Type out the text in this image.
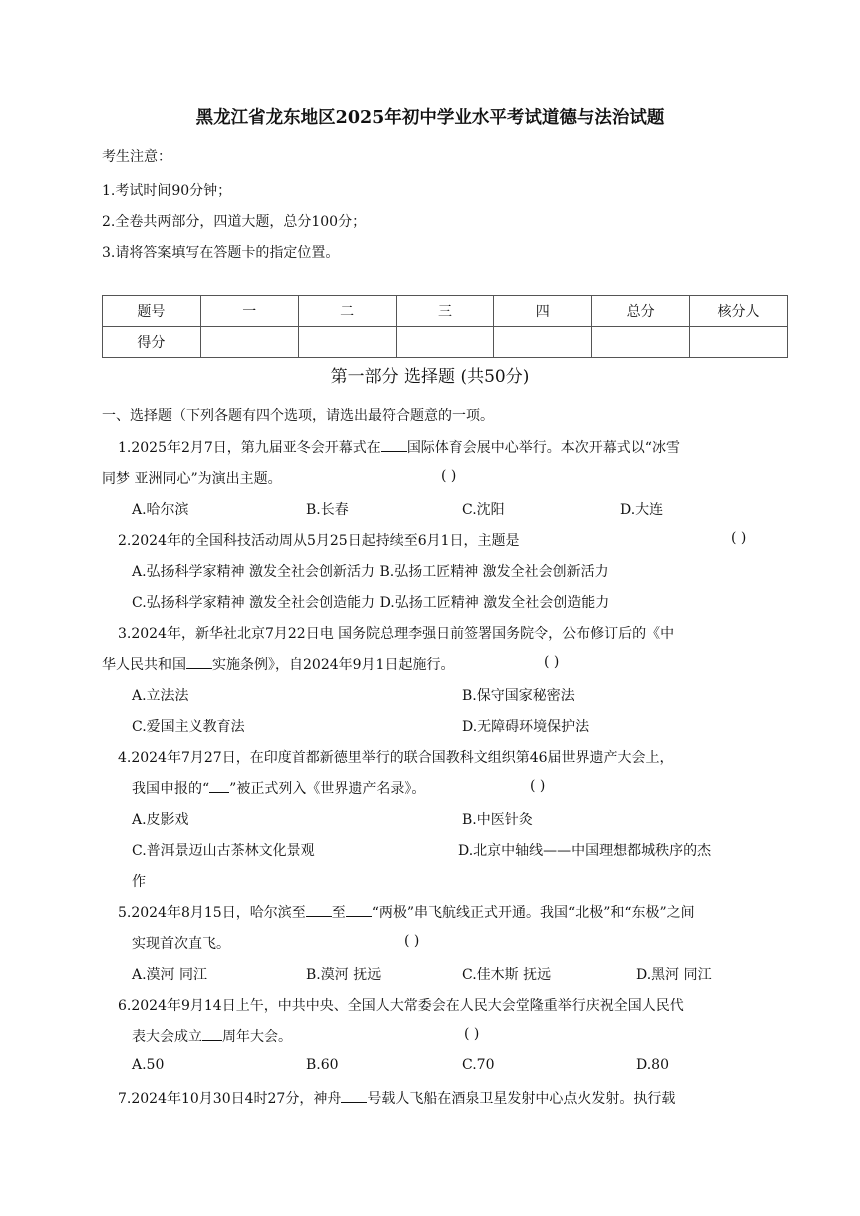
黑龙江省龙东地区2025年初中学业水平考试道德与法治试题
考生注意：
1.考试时间90分钟；
2.全卷共两部分，四道大题，总分100分；
3.请将答案填写在答题卡的指定位置。
题号	一	二	三	四	总分	核分人
得分						
第一部分 选择题 (共50分)
一、选择题（下列各题有四个选项，请选出最符合题意的一项。
1.2025年2月7日，第九届亚冬会开幕式在 国际体育会展中心举行。本次开幕式以“冰雪
同梦 亚洲同心”为演出主题。	( )
A.哈尔滨	B.长春	C.沈阳	D.大连
2.2024年的全国科技活动周从5月25日起持续至6月1日，主题是	( )
A.弘扬科学家精神 激发全社会创新活力 B.弘扬工匠精神 激发全社会创新活力
C.弘扬科学家精神 激发全社会创造能力 D.弘扬工匠精神 激发全社会创造能力
3.2024年，新华社北京7月22日电 国务院总理李强日前签署国务院令，公布修订后的《中
华人民共和国 实施条例》，自2024年9月1日起施行。	( )
A.立法法	B.保守国家秘密法
C.爱国主义教育法	D.无障碍环境保护法
4.2024年7月27日，在印度首都新德里举行的联合国教科文组织第46届世界遗产大会上，
我国申报的“ ”被正式列入《世界遗产名录》。	( )
A.皮影戏	B.中医针灸
C.普洱景迈山古茶林文化景观	D.北京中轴线——中国理想都城秩序的杰
作
5.2024年8月15日，哈尔滨至 至 “两极”串飞航线正式开通。我国“北极”和“东极”之间
实现首次直飞。	( )
A.漠河 同江	B.漠河 抚远	C.佳木斯 抚远	D.黑河 同江
6.2024年9月14日上午，中共中央、全国人大常委会在人民大会堂隆重举行庆祝全国人民代
表大会成立 周年大会。	( )
A.50	B.60	C.70	D.80
7.2024年10月30日4时27分，神舟 号载人飞船在酒泉卫星发射中心点火发射。执行载
